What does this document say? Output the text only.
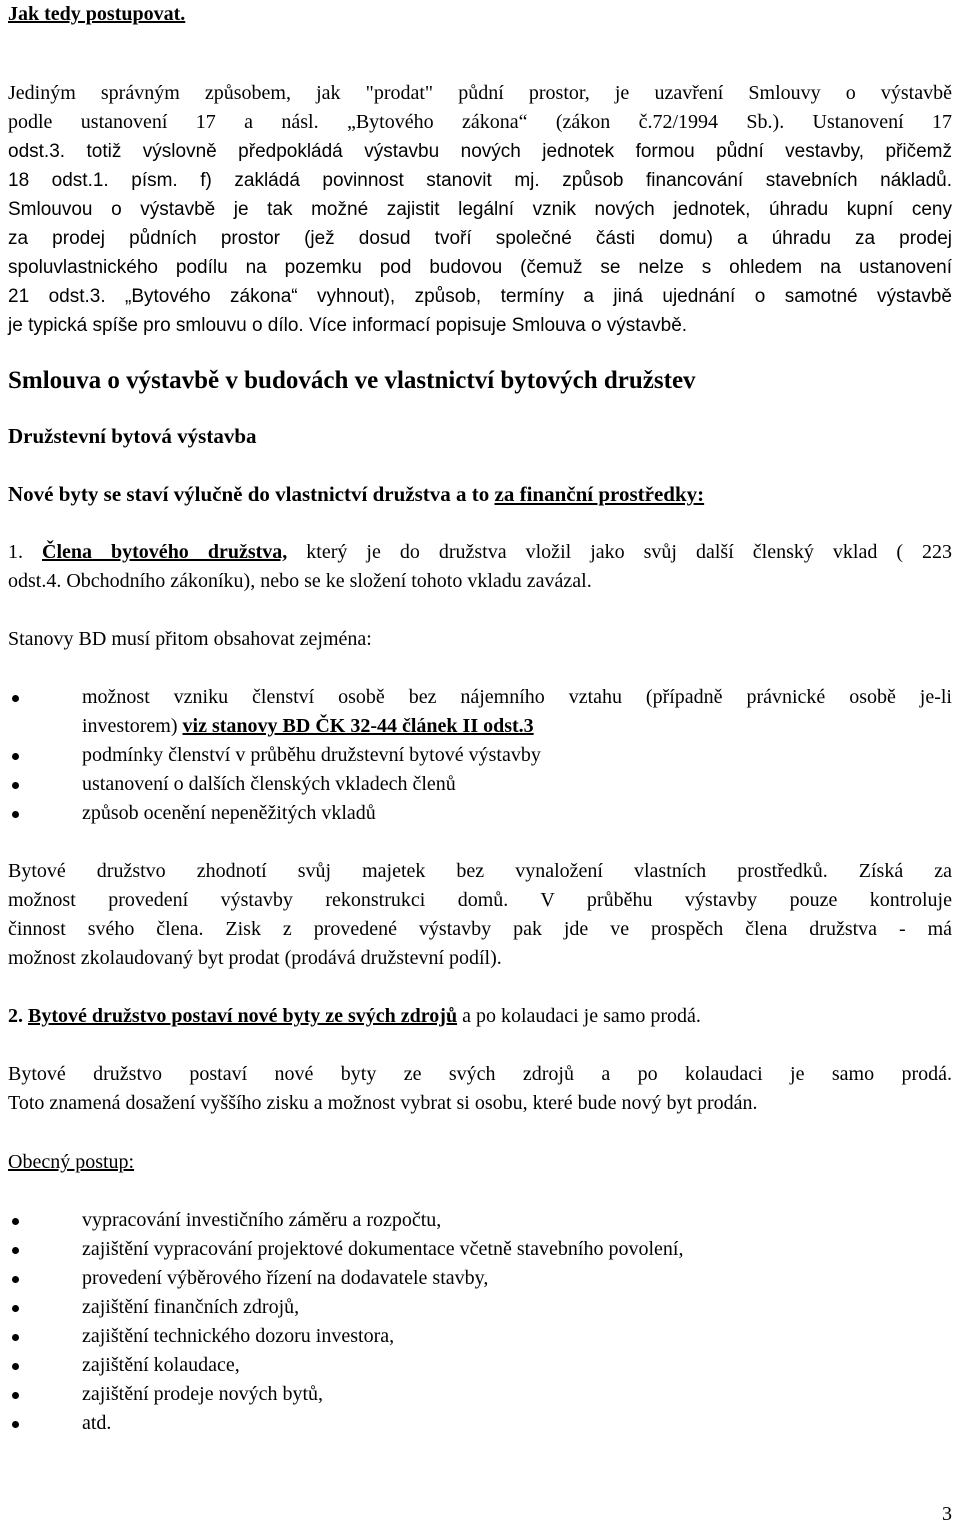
Jak tedy postupovat.
Jediným správným způsobem, jak "prodat" půdní prostor, je uzavření Smlouvy o výstavbě
podle ustanovení 17 a násl. „Bytového zákona“ (zákon č.72/1994 Sb.). Ustanovení 17
odst.3. totiž výslovně předpokládá výstavbu nových jednotek formou půdní vestavby, přičemž
18 odst.1. písm. f) zakládá povinnost stanovit mj. způsob financování stavebních nákladů.
Smlouvou o výstavbě je tak možné zajistit legální vznik nových jednotek, úhradu kupní ceny
za prodej půdních prostor (jež dosud tvoří společné části domu) a úhradu za prodej
spoluvlastnického podílu na pozemku pod budovou (čemuž se nelze s ohledem na ustanovení
21 odst.3. „Bytového zákona“ vyhnout), způsob, termíny a jiná ujednání o samotné výstavbě
je typická spíše pro smlouvu o dílo. Více informací popisuje Smlouva o výstavbě.
Smlouva o výstavbě v budovách ve vlastnictví bytových družstev
Družstevní bytová výstavba
Nové byty se staví výlučně do vlastnictví družstva a to za finanční prostředky:
1. Člena bytového družstva, který je do družstva vložil jako svůj další členský vklad ( 223
odst.4. Obchodního zákoníku), nebo se ke složení tohoto vkladu zavázal.
Stanovy BD musí přitom obsahovat zejména:
možnost vzniku členství osobě bez nájemního vztahu (případně právnické osobě je-li
investorem) viz stanovy BD ČK 32-44 článek II odst.3
podmínky členství v průběhu družstevní bytové výstavby
ustanovení o dalších členských vkladech členů
způsob ocenění nepeněžitých vkladů
Bytové družstvo zhodnotí svůj majetek bez vynaložení vlastních prostředků. Získá za
možnost provedení výstavby rekonstrukci domů. V průběhu výstavby pouze kontroluje
činnost svého člena. Zisk z provedené výstavby pak jde ve prospěch člena družstva - má
možnost zkolaudovaný byt prodat (prodává družstevní podíl).
2. Bytové družstvo postaví nové byty ze svých zdrojů a po kolaudaci je samo prodá.
Bytové družstvo postaví nové byty ze svých zdrojů a po kolaudaci je samo prodá.
Toto znamená dosažení vyššího zisku a možnost vybrat si osobu, které bude nový byt prodán.
Obecný postup:
vypracování investičního záměru a rozpočtu,
zajištění vypracování projektové dokumentace včetně stavebního povolení,
provedení výběrového řízení na dodavatele stavby,
zajištění finančních zdrojů,
zajištění technického dozoru investora,
zajištění kolaudace,
zajištění prodeje nových bytů,
atd.
3
